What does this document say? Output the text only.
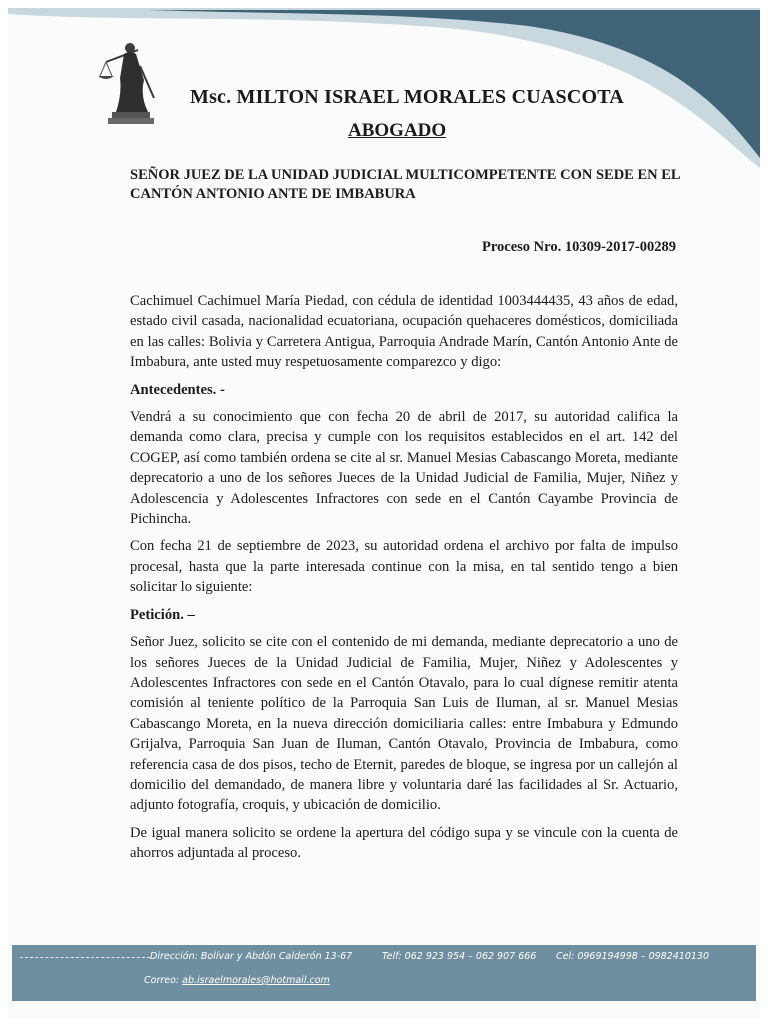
Msc. MILTON ISRAEL MORALES CUASCOTA
ABOGADO
SEÑOR JUEZ DE LA UNIDAD JUDICIAL MULTICOMPETENTE CON SEDE EN EL CANTÓN ANTONIO ANTE DE IMBABURA
Proceso Nro. 10309-2017-00289

Cachimuel Cachimuel María Piedad, con cédula de identidad 1003444435, 43 años de edad, estado civil casada, nacionalidad ecuatoriana, ocupación quehaceres domésticos, domiciliada en las calles: Bolivia y Carretera Antigua, Parroquia Andrade Marín, Cantón Antonio Ante de Imbabura, ante usted muy respetuosamente comparezco y digo:

Antecedentes. -

Vendrá a su conocimiento que con fecha 20 de abril de 2017, su autoridad califica la demanda como clara, precisa y cumple con los requisitos establecidos en el art. 142 del COGEP, así como también ordena se cite al sr. Manuel Mesias Cabascango Moreta, mediante deprecatorio a uno de los señores Jueces de la Unidad Judicial de Familia, Mujer, Niñez y Adolescencia y Adolescentes Infractores con sede en el Cantón Cayambe Provincia de Pichincha.

Con fecha 21 de septiembre de 2023, su autoridad ordena el archivo por falta de impulso procesal, hasta que la parte interesada continue con la misa, en tal sentido tengo a bien solicitar lo siguiente:

Petición. –

Señor Juez, solicito se cite con el contenido de mi demanda, mediante deprecatorio a uno de los señores Jueces de la Unidad Judicial de Familia, Mujer, Niñez y Adolescentes y Adolescentes Infractores con sede en el Cantón Otavalo, para lo cual dígnese remitir atenta comisión al teniente político de la Parroquia San Luis de Iluman, al sr. Manuel Mesias Cabascango Moreta, en la nueva dirección domiciliaria calles: entre Imbabura y Edmundo Grijalva, Parroquia San Juan de Iluman, Cantón Otavalo, Provincia de Imbabura, como referencia casa de dos pisos, techo de Eternit, paredes de bloque, se ingresa por un callejón al domicilio del demandado, de manera libre y voluntaria daré las facilidades al Sr. Actuario, adjunto fotografía, croquis, y ubicación de domicilio.

De igual manera solicito se ordene la apertura del código supa y se vincule con la cuenta de ahorros adjuntada al proceso.

Dirección: Bolívar y Abdón Calderón 13-67	Telf: 062 923 954 – 062 907 666 Cel: 0969194998 – 0982410130
Correo: ab.israelmorales@hotmail.com
